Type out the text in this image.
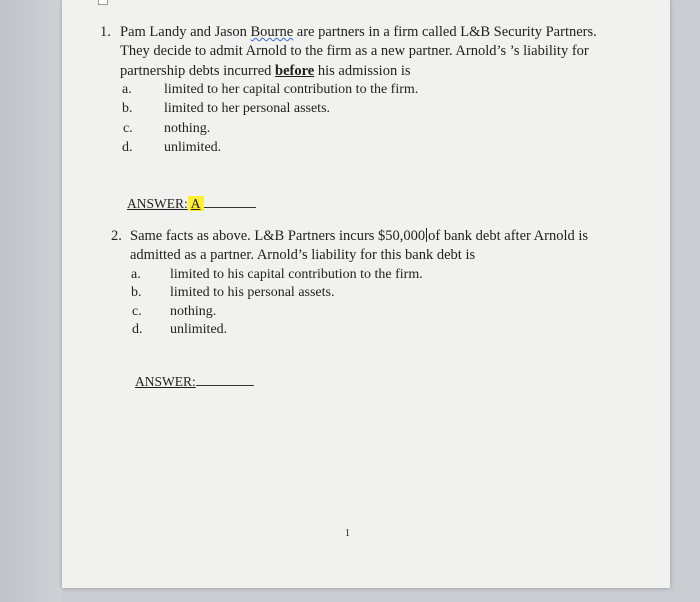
1. Pam Landy and Jason Bourne are partners in a firm called L&B Security Partners.
They decide to admit Arnold to the firm as a new partner. Arnold’s ’s liability for
partnership debts incurred before his admission is
a. limited to her capital contribution to the firm.
b. limited to her personal assets.
c. nothing.
d. unlimited.
ANSWER: A
2. Same facts as above. L&B Partners incurs $50,000 of bank debt after Arnold is
admitted as a partner. Arnold’s liability for this bank debt is
a. limited to his capital contribution to the firm.
b. limited to his personal assets.
c. nothing.
d. unlimited.
ANSWER:
1
